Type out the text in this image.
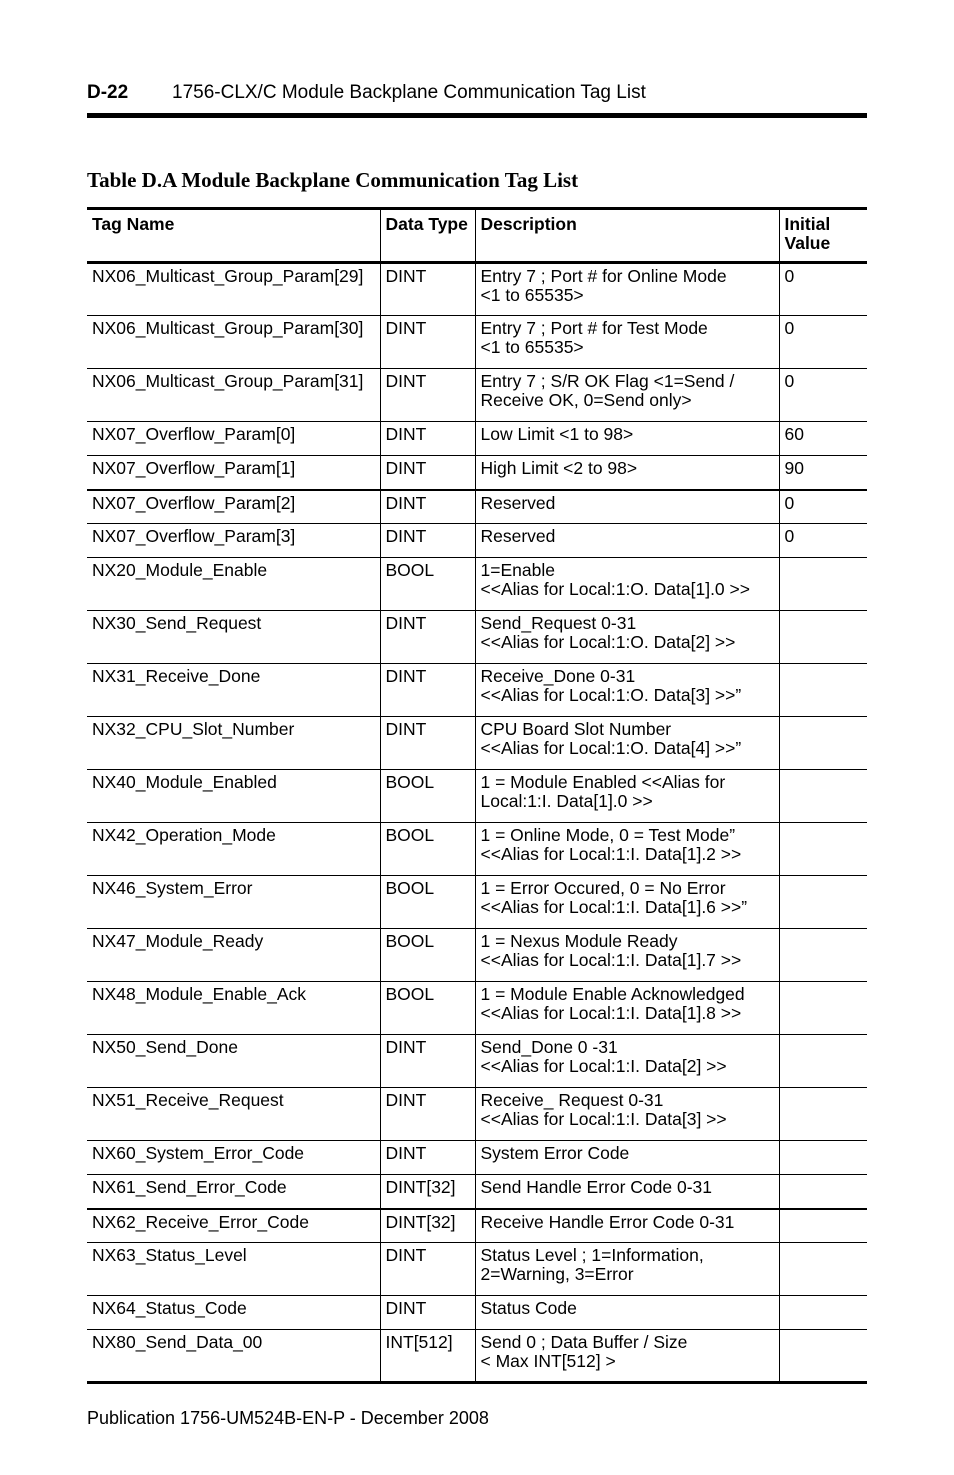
D-22 1756-CLX/C Module Backplane Communication Tag List
Table D.A Module Backplane Communication Tag List
Tag Name	Data Type	Description	Initial Value
NX06_Multicast_Group_Param[29]	DINT	Entry 7 ; Port # for Online Mode
<1 to 65535>	0
NX06_Multicast_Group_Param[30]	DINT	Entry 7 ; Port # for Test Mode
<1 to 65535>	0
NX06_Multicast_Group_Param[31]	DINT	Entry 7 ; S/R OK Flag <1=Send /
Receive OK, 0=Send only>	0
NX07_Overflow_Param[0]	DINT	Low Limit <1 to 98>	60
NX07_Overflow_Param[1]	DINT	High Limit <2 to 98>	90
NX07_Overflow_Param[2]	DINT	Reserved	0
NX07_Overflow_Param[3]	DINT	Reserved	0
NX20_Module_Enable	BOOL	1=Enable
<<Alias for Local:1:O. Data[1].0 >>	

NX30_Send_Request	DINT	Send_Request 0-31
<<Alias for Local:1:O. Data[2] >>	

NX31_Receive_Done	DINT	Receive_Done 0-31
<<Alias for Local:1:O. Data[3] >>”	

NX32_CPU_Slot_Number	DINT	CPU Board Slot Number
<<Alias for Local:1:O. Data[4] >>”	

NX40_Module_Enabled	BOOL	1 = Module Enabled <<Alias for
Local:1:I. Data[1].0 >>	

NX42_Operation_Mode	BOOL	1 = Online Mode, 0 = Test Mode”
<<Alias for Local:1:I. Data[1].2 >>	

NX46_System_Error	BOOL	1 = Error Occured, 0 = No Error
<<Alias for Local:1:I. Data[1].6 >>”	

NX47_Module_Ready	BOOL	1 = Nexus Module Ready
<<Alias for Local:1:I. Data[1].7 >>	

NX48_Module_Enable_Ack	BOOL	1 = Module Enable Acknowledged
<<Alias for Local:1:I. Data[1].8 >>	

NX50_Send_Done	DINT	Send_Done 0 -31
<<Alias for Local:1:I. Data[2] >>	

NX51_Receive_Request	DINT	Receive_ Request 0-31
<<Alias for Local:1:I. Data[3] >>	

NX60_System_Error_Code	DINT	System Error Code	

NX61_Send_Error_Code	DINT[32]	Send Handle Error Code 0-31	

NX62_Receive_Error_Code	DINT[32]	Receive Handle Error Code 0-31	

NX63_Status_Level	DINT	Status Level ; 1=Information,
2=Warning, 3=Error	

NX64_Status_Code	DINT	Status Code	

NX80_Send_Data_00	INT[512]	Send 0 ; Data Buffer / Size
< Max INT[512] >	

Publication 1756-UM524B-EN-P - December 2008
